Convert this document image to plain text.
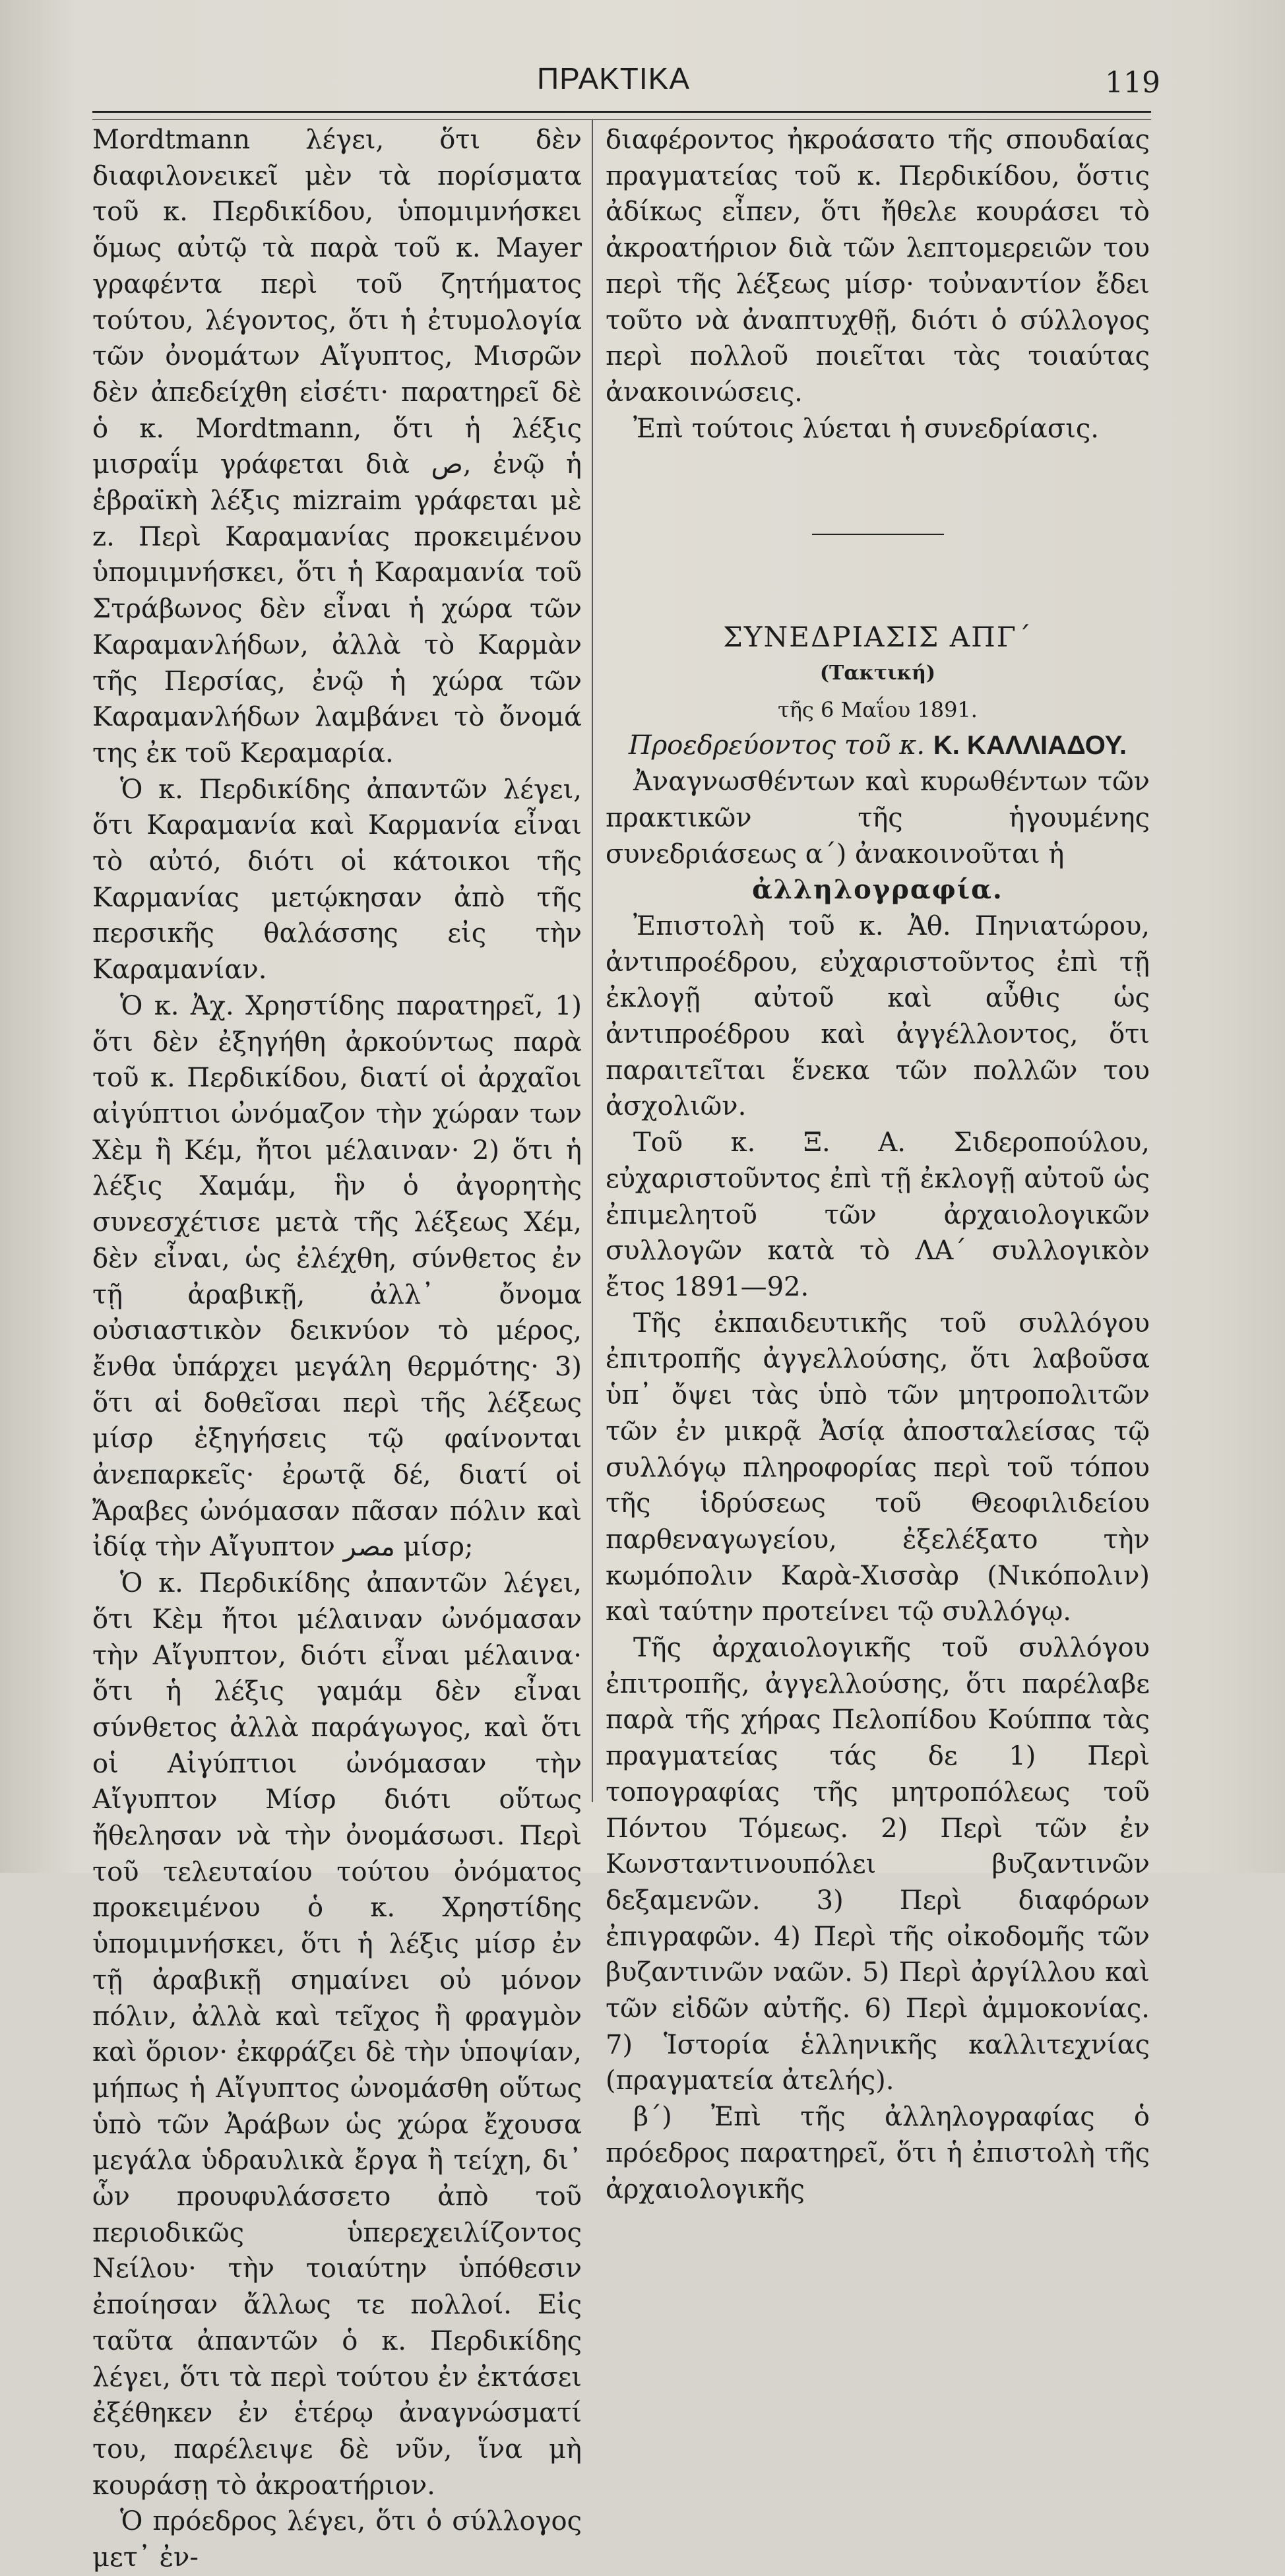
ΠΡΑΚΤΙΚΑ	119

Mordtmann λέγει, ὅτι δὲν διαφιλονεικεῖ μὲν τὰ πορίσματα τοῦ κ. Περδικίδου, ὑπομιμνήσκει ὅμως αὐτῷ τὰ παρὰ τοῦ κ. Mayer γραφέντα περὶ τοῦ ζητήματος τούτου, λέγοντος, ὅτι ἡ ἐτυμολογία τῶν ὀνομάτων Αἴγυπτος, Μισρῶν δὲν ἀπεδείχθη εἰσέτι· παρατηρεῖ δὲ ὁ κ. Mordtmann, ὅτι ἡ λέξις μισραΐμ γράφεται διὰ ص, ἐνῷ ἡ ἑβραϊκὴ λέξις mizraim γράφεται μὲ z. Περὶ Καραμανίας προκειμένου ὑπομιμνήσκει, ὅτι ἡ Καραμανία τοῦ Στράβωνος δὲν εἶναι ἡ χώρα τῶν Καραμανλήδων, ἀλλὰ τὸ Καρμὰν τῆς Περσίας, ἐνῷ ἡ χώρα τῶν Καραμανλήδων λαμβάνει τὸ ὄνομά της ἐκ τοῦ Κεραμαρία.

Ὁ κ. Περδικίδης ἀπαντῶν λέγει, ὅτι Καραμανία καὶ Καρμανία εἶναι τὸ αὐτό, διότι οἱ κάτοικοι τῆς Καρμανίας μετῴκησαν ἀπὸ τῆς περσικῆς θαλάσσης εἰς τὴν Καραμανίαν.

Ὁ κ. Ἀχ. Χρηστίδης παρατηρεῖ, 1) ὅτι δὲν ἐξηγήθη ἀρκούντως παρὰ τοῦ κ. Περδικίδου, διατί οἱ ἀρχαῖοι αἰγύπτιοι ὠνόμαζον τὴν χώραν των Χὲμ ἢ Κέμ, ἤτοι μέλαιναν· 2) ὅτι ἡ λέξις Χαμάμ, ἣν ὁ ἀγορητὴς συνεσχέτισε μετὰ τῆς λέξεως Χέμ, δὲν εἶναι, ὡς ἐλέχθη, σύνθετος ἐν τῇ ἀραβικῇ, ἀλλ᾽ ὄνομα οὐσιαστικὸν δεικνύον τὸ μέρος, ἔνθα ὑπάρχει μεγάλη θερμότης· 3) ὅτι αἱ δοθεῖσαι περὶ τῆς λέξεως μίσρ ἐξηγήσεις τῷ φαίνονται ἀνεπαρκεῖς· ἐρωτᾷ δέ, διατί οἱ Ἄραβες ὠνόμασαν πᾶσαν πόλιν καὶ ἰδίᾳ τὴν Αἴγυπτον مصر μίσρ;

Ὁ κ. Περδικίδης ἀπαντῶν λέγει, ὅτι Κὲμ ἤτοι μέλαιναν ὠνόμασαν τὴν Αἴγυπτον, διότι εἶναι μέλαινα· ὅτι ἡ λέξις γαμάμ δὲν εἶναι σύνθετος ἀλλὰ παράγωγος, καὶ ὅτι οἱ Αἰγύπτιοι ὠνόμασαν τὴν Αἴγυπτον Μίσρ διότι οὕτως ἤθελησαν νὰ τὴν ὀνομάσωσι. Περὶ τοῦ τελευταίου τούτου ὀνόματος προκειμένου ὁ κ. Χρηστίδης ὑπομιμνήσκει, ὅτι ἡ λέξις μίσρ ἐν τῇ ἀραβικῇ σημαίνει οὐ μόνον πόλιν, ἀλλὰ καὶ τεῖχος ἢ φραγμὸν καὶ ὅριον· ἐκφράζει δὲ τὴν ὑποψίαν, μήπως ἡ Αἴγυπτος ὠνομάσθη οὕτως ὑπὸ τῶν Ἀράβων ὡς χώρα ἔχουσα μεγάλα ὑδραυλικὰ ἔργα ἢ τείχη, δι᾽ ὧν προυφυλάσσετο ἀπὸ τοῦ περιοδικῶς ὑπερεχειλίζοντος Νείλου· τὴν τοιαύτην ὑπόθεσιν ἐποίησαν ἄλλως τε πολλοί. Εἰς ταῦτα ἀπαντῶν ὁ κ. Περδικίδης λέγει, ὅτι τὰ περὶ τούτου ἐν ἐκτάσει ἐξέθηκεν ἐν ἑτέρῳ ἀναγνώσματί του, παρέλειψε δὲ νῦν, ἵνα μὴ κουράσῃ τὸ ἀκροατήριον.

Ὁ πρόεδρος λέγει, ὅτι ὁ σύλλογος μετ᾽ ἐν-

διαφέροντος ἠκροάσατο τῆς σπουδαίας πραγματείας τοῦ κ. Περδικίδου, ὅστις ἀδίκως εἶπεν, ὅτι ἤθελε κουράσει τὸ ἀκροατήριον διὰ τῶν λεπτομερειῶν του περὶ τῆς λέξεως μίσρ· τοὐναντίον ἔδει τοῦτο νὰ ἀναπτυχθῇ, διότι ὁ σύλλογος περὶ πολλοῦ ποιεῖται τὰς τοιαύτας ἀνακοινώσεις.

Ἐπὶ τούτοις λύεται ἡ συνεδρίασις.

ΣΥΝΕΔΡΙΑΣΙΣ ΑΠΓ΄

(Τακτική)

τῆς 6 Μαΐου 1891.

Προεδρεύοντος τοῦ κ. Κ. ΚΑΛΛΙΑΔΟΥ.

Ἀναγνωσθέντων καὶ κυρωθέντων τῶν πρακτικῶν τῆς ἡγουμένης συνεδριάσεως α΄) ἀνακοινοῦται ἡ

ἀλληλογραφία.

Ἐπιστολὴ τοῦ κ. Ἀθ. Πηνιατώρου, ἀντιπροέδρου, εὐχαριστοῦντος ἐπὶ τῇ ἐκλογῇ αὐτοῦ καὶ αὖθις ὡς ἀντιπροέδρου καὶ ἀγγέλλοντος, ὅτι παραιτεῖται ἕνεκα τῶν πολλῶν του ἀσχολιῶν.

Τοῦ κ. Ξ. Α. Σιδεροπούλου, εὐχαριστοῦντος ἐπὶ τῇ ἐκλογῇ αὐτοῦ ὡς ἐπιμελητοῦ τῶν ἀρχαιολογικῶν συλλογῶν κατὰ τὸ ΛΑ΄ συλλογικὸν ἔτος 1891—92.

Τῆς ἐκπαιδευτικῆς τοῦ συλλόγου ἐπιτροπῆς ἀγγελλούσης, ὅτι λαβοῦσα ὑπ᾽ ὄψει τὰς ὑπὸ τῶν μητροπολιτῶν τῶν ἐν μικρᾷ Ἀσίᾳ ἀποσταλείσας τῷ συλλόγῳ πληροφορίας περὶ τοῦ τόπου τῆς ἱδρύσεως τοῦ Θεοφιλιδείου παρθεναγωγείου, ἐξελέξατο τὴν κωμόπολιν Καρὰ-Χισσὰρ (Νικόπολιν) καὶ ταύτην προτείνει τῷ συλλόγῳ.

Τῆς ἀρχαιολογικῆς τοῦ συλλόγου ἐπιτροπῆς, ἀγγελλούσης, ὅτι παρέλαβε παρὰ τῆς χήρας Πελοπίδου Κούππα τὰς πραγματείας τάς δε 1) Περὶ τοπογραφίας τῆς μητροπόλεως τοῦ Πόντου Τόμεως. 2) Περὶ τῶν ἐν Κωνσταντινουπόλει βυζαντινῶν δεξαμενῶν. 3) Περὶ διαφόρων ἐπιγραφῶν. 4) Περὶ τῆς οἰκοδομῆς τῶν βυζαντινῶν ναῶν. 5) Περὶ ἀργίλλου καὶ τῶν εἰδῶν αὐτῆς. 6) Περὶ ἀμμοκονίας. 7) Ἱστορία ἑλληνικῆς καλλιτεχνίας (πραγματεία ἀτελής).

β΄) Ἐπὶ τῆς ἀλληλογραφίας ὁ πρόεδρος παρατηρεῖ, ὅτι ἡ ἐπιστολὴ τῆς ἀρχαιολογικῆς
